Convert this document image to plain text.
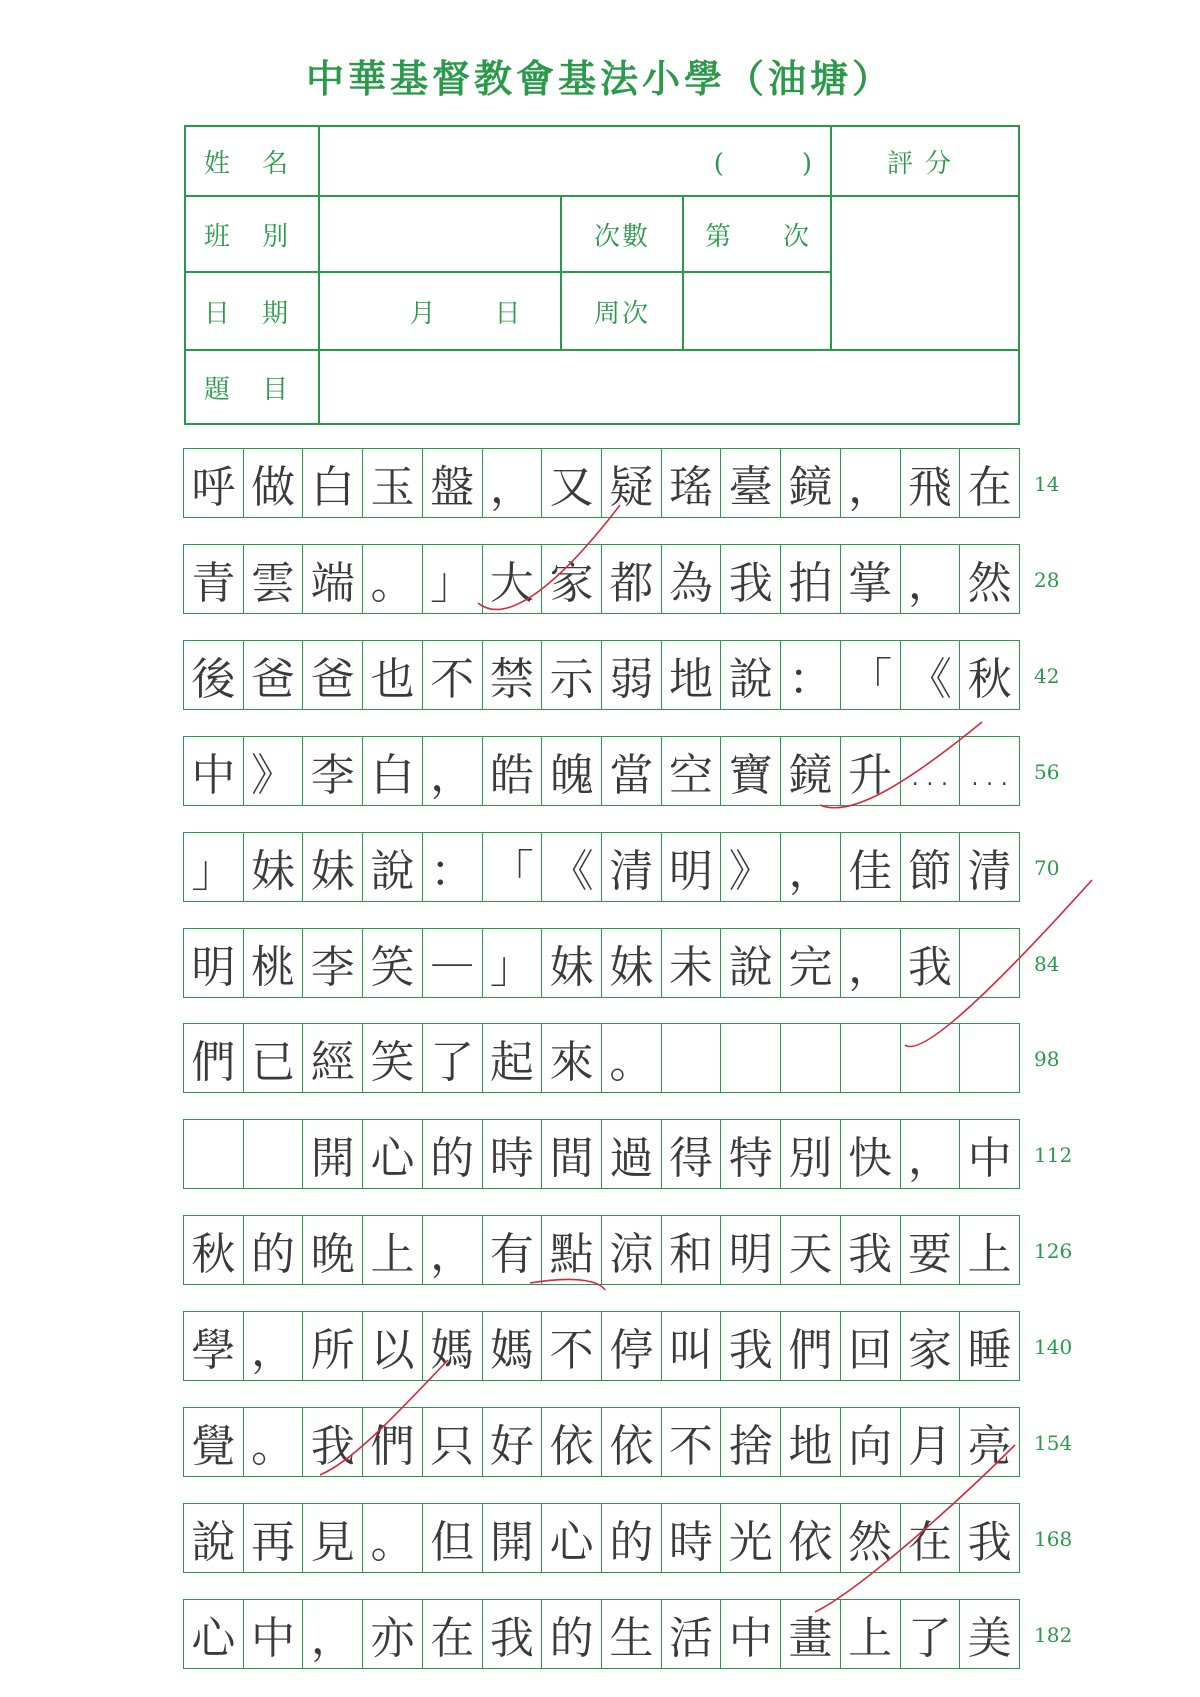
中華基督教會基法小學（油塘）
姓 名	(　　　)	評分
班 別	次數 第　　次
日 期	月 日	周次
題 目
呼 做 白 玉 盤 ， 又 疑 瑤 臺 鏡 ， 飛 在	14
青 雲 端 。 」 大 家 都 為 我 拍 掌 ， 然	28
後 爸 爸 也 不 禁 示 弱 地 說 ： 「 《 秋	42
中 》 李 白 ， 皓 魄 當 空 寶 鏡 升 … …	56
」 妹 妹 說 ： 「 《 清 明 》 ， 佳 節 清	70
明 桃 李 笑 — 」 妹 妹 未 說 完 ， 我	84
們 已 經 笑 了 起 來 。	98
開 心 的 時 間 過 得 特 別 快 ， 中	112
秋 的 晚 上 ， 有 點 涼 和 明 天 我 要 上	126
學 ， 所 以 媽 媽 不 停 叫 我 們 回 家 睡	140
覺 。 我 們 只 好 依 依 不 捨 地 向 月 亮	154
說 再 見 。 但 開 心 的 時 光 依 然 在 我	168
心 中 ， 亦 在 我 的 生 活 中 畫 上 了 美	182
